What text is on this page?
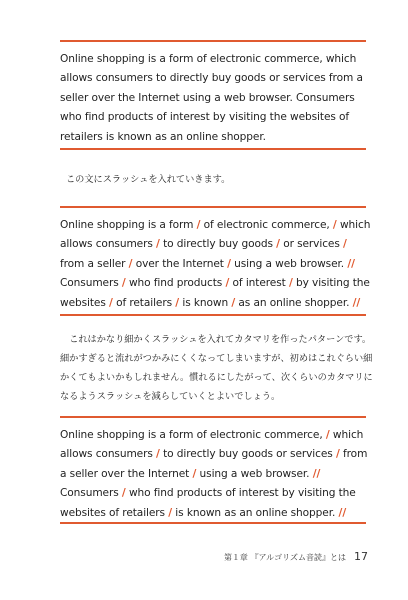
Online shopping is a form of electronic commerce, which allows consumers to directly buy goods or services from a seller over the Internet using a web browser. Consumers who find products of interest by visiting the websites of retailers is known as an online shopper.

この文にスラッシュを入れていきます。

Online shopping is a form / of electronic commerce, / which allows consumers / to directly buy goods / or services / from a seller / over the Internet / using a web browser. // Consumers / who find products / of interest / by visiting the websites / of retailers / is known / as an online shopper. //

これはかなり細かくスラッシュを入れてカタマリを作ったパターンです。細かすぎると流れがつかみにくくなってしまいますが、初めはこれぐらい細かくてもよいかもしれません。慣れるにしたがって、次くらいのカタマリになるようスラッシュを減らしていくとよいでしょう。

Online shopping is a form of electronic commerce, / which allows consumers / to directly buy goods or services / from a seller over the Internet / using a web browser. // Consumers / who find products of interest by visiting the websites of retailers / is known as an online shopper. //

第１章 『アルゴリズム音読』とは 17
